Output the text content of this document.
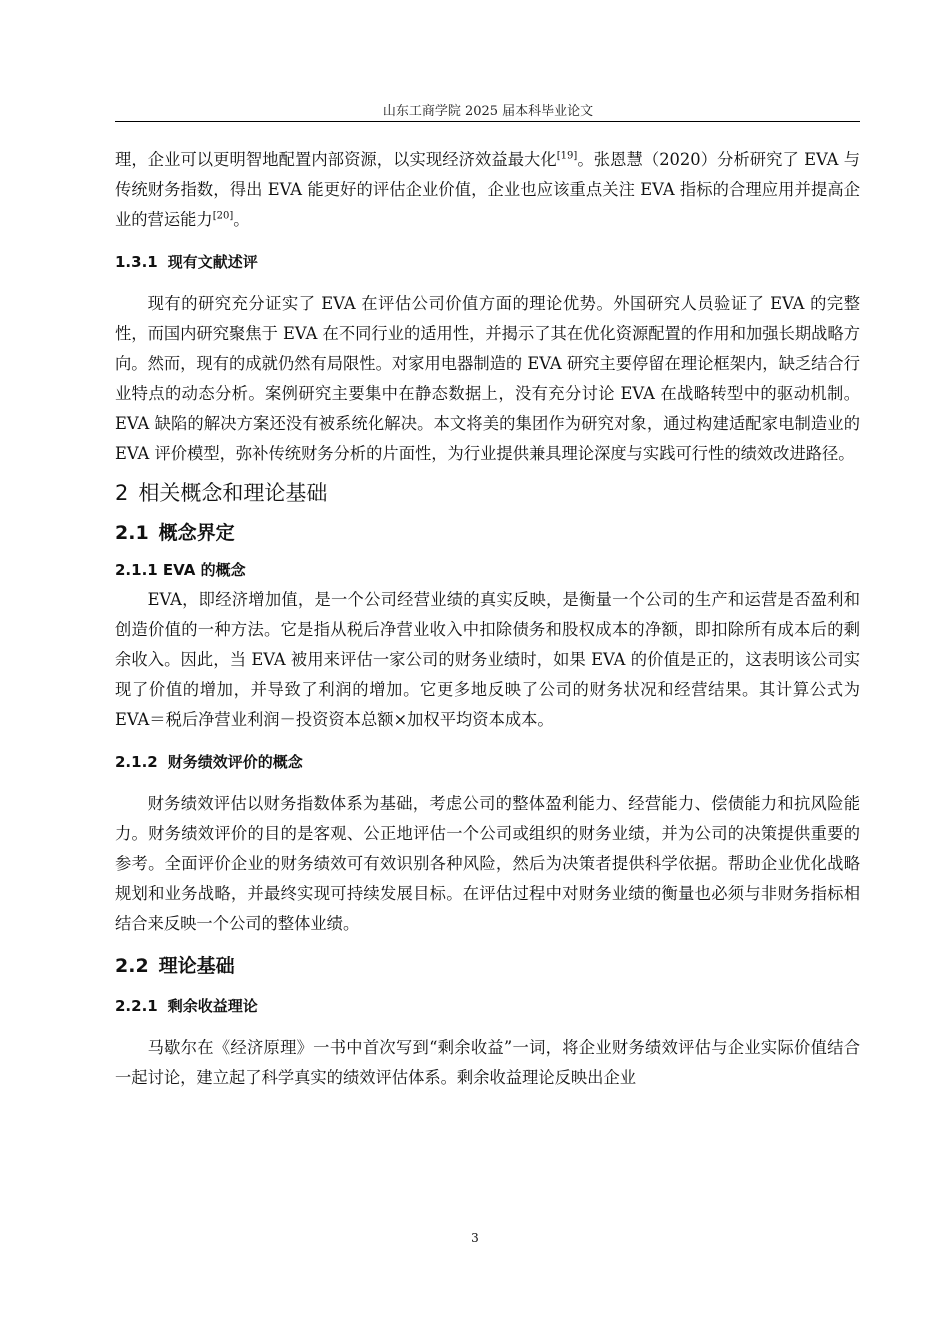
山东工商学院 2025 届本科毕业论文

理，企业可以更明智地配置内部资源，以实现经济效益最大化[19]。张恩慧（2020）分析研究了 EVA 与传统财务指数，得出 EVA 能更好的评估企业价值，企业也应该重点关注 EVA 指标的合理应用并提高企业的营运能力[20]。

1.3.1 现有文献述评

现有的研究充分证实了 EVA 在评估公司价值方面的理论优势。外国研究人员验证了 EVA 的完整性，而国内研究聚焦于 EVA 在不同行业的适用性，并揭示了其在优化资源配置的作用和加强长期战略方向。然而，现有的成就仍然有局限性。对家用电器制造的 EVA 研究主要停留在理论框架内，缺乏结合行业特点的动态分析。案例研究主要集中在静态数据上，没有充分讨论 EVA 在战略转型中的驱动机制。EVA 缺陷的解决方案还没有被系统化解决。本文将美的集团作为研究对象，通过构建适配家电制造业的 EVA 评价模型，弥补传统财务分析的片面性，为行业提供兼具理论深度与实践可行性的绩效改进路径。

2 相关概念和理论基础
2.1 概念界定
2.1.1 EVA 的概念

EVA，即经济增加值，是一个公司经营业绩的真实反映，是衡量一个公司的生产和运营是否盈利和创造价值的一种方法。它是指从税后净营业收入中扣除债务和股权成本的净额，即扣除所有成本后的剩余收入。因此，当 EVA 被用来评估一家公司的财务业绩时，如果 EVA 的价值是正的，这表明该公司实现了价值的增加，并导致了利润的增加。它更多地反映了公司的财务状况和经营结果。其计算公式为 EVA＝税后净营业利润－投资资本总额×加权平均资本成本。

2.1.2 财务绩效评价的概念

财务绩效评估以财务指数体系为基础，考虑公司的整体盈利能力、经营能力、偿债能力和抗风险能力。财务绩效评价的目的是客观、公正地评估一个公司或组织的财务业绩，并为公司的决策提供重要的参考。全面评价企业的财务绩效可有效识别各种风险，然后为决策者提供科学依据。帮助企业优化战略规划和业务战略，并最终实现可持续发展目标。在评估过程中对财务业绩的衡量也必须与非财务指标相结合来反映一个公司的整体业绩。

2.2 理论基础
2.2.1 剩余收益理论

马歇尔在《经济原理》一书中首次写到“剩余收益”一词，将企业财务绩效评估与企业实际价值结合一起讨论，建立起了科学真实的绩效评估体系。剩余收益理论反映出企业

3
